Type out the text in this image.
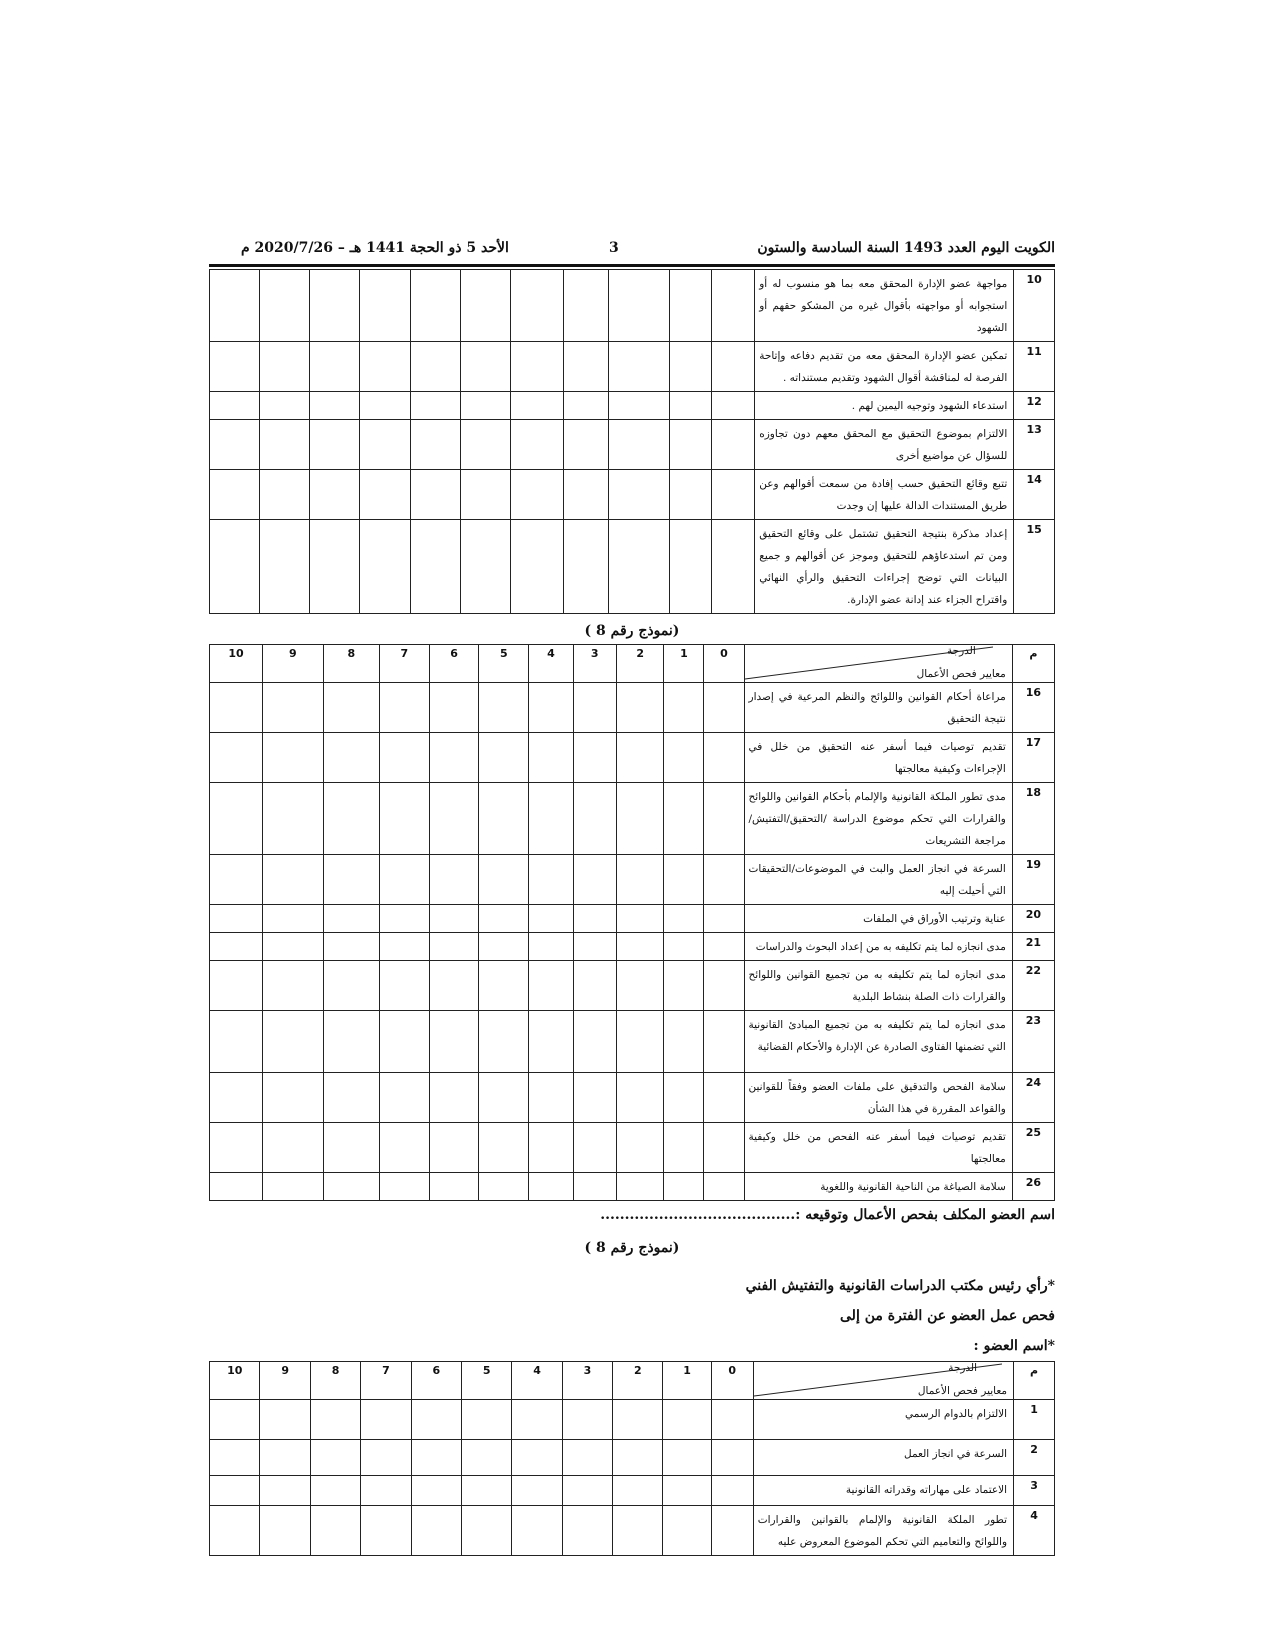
الكويت اليوم العدد 1493 السنة السادسة والستون
3
الأحد 5 ذو الحجة 1441 هـ – 2020/7/26 م
10	مواجهة عضو الإدارة المحقق معه بما هو منسوب له أو استجوابه أو مواجهته بأقوال غيره من المشكو حقهم أو الشهود											
11	تمكين عضو الإدارة المحقق معه من تقديم دفاعه وإتاحة الفرصة له لمناقشة أقوال الشهود وتقديم مستنداته .											
12	استدعاء الشهود وتوجيه اليمين لهم .											
13	الالتزام بموضوع التحقيق مع المحقق معهم دون تجاوزه للسؤال عن مواضيع أخرى											
14	تتبع وقائع التحقيق حسب إفادة من سمعت أقوالهم وعن طريق المستندات الدالة عليها إن وجدت											
15	إعداد مذكرة بنتيجة التحقيق تشتمل على وقائع التحقيق ومن تم استدعاؤهم للتحقيق وموجز عن أقوالهم و جميع البيانات التي توضح إجراءات التحقيق والرأي النهائي واقتراح الجزاء عند إدانة عضو الإدارة.											
(نموذج رقم 8 )
م	الدرجة
معايير فحص الأعمال	0	1	2	3	4	5	6	7	8	9	10
16	مراعاة أحكام القوانين واللوائح والنظم المرعية في إصدار نتيجة التحقيق											
17	تقديم توصيات فيما أسفر عنه التحقيق من خلل في الإجراءات وكيفية معالجتها											
18	مدى تطور الملكة القانونية والإلمام بأحكام القوانين واللوائح والقرارات التي تحكم موضوع الدراسة /التحقيق/التفتيش/مراجعة التشريعات											
19	السرعة في انجاز العمل والبت في الموضوعات/التحقيقات التي أحيلت إليه											
20	عناية وترتيب الأوراق في الملفات											
21	مدى انجازه لما يتم تكليفه به من إعداد البحوث والدراسات											
22	مدى انجازه لما يتم تكليفه به من تجميع القوانين واللوائح والقرارات ذات الصلة بنشاط البلدية											
23	مدى انجازه لما يتم تكليفه به من تجميع المبادئ القانونية التي تضمنها الفتاوى الصادرة عن الإدارة والأحكام القضائية											
24	سلامة الفحص والتدقيق على ملفات العضو وفقاً للقوانين والقواعد المقررة في هذا الشأن											
25	تقديم توصيات فيما أسفر عنه الفحص من خلل وكيفية معالجتها											
26	سلامة الصياغة من الناحية القانونية واللغوية											
اسم العضو المكلف بفحص الأعمال وتوقيعه :........................................
(نموذج رقم 8 )
*رأي رئيس مكتب الدراسات القانونية والتفتيش الفني
فحص عمل العضو عن الفترة من إلى
*اسم العضو :
م	الدرجة
معايير فحص الأعمال	0	1	2	3	4	5	6	7	8	9	10
1	الالتزام بالدوام الرسمي											
2	السرعة في انجاز العمل											
3	الاعتماد على مهاراته وقدراته القانونية											
4	تطور الملكة القانونية والإلمام بالقوانين والقرارات واللوائح والتعاميم التي تحكم الموضوع المعروض عليه											
